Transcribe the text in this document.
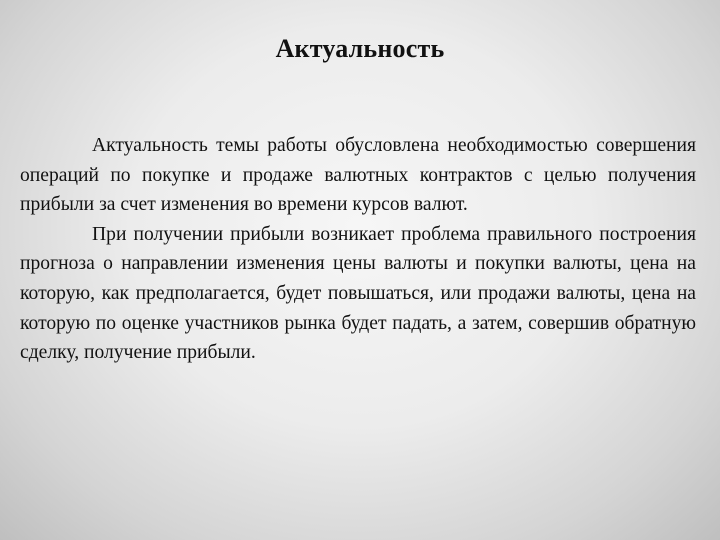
Актуальность

Актуальность темы работы обусловлена необходимостью совершения операций по покупке и продаже валютных контрактов с целью получения прибыли за счет изменения во времени курсов валют.

При получении прибыли возникает проблема правильного построения прогноза о направлении изменения цены валюты и покупки валюты, цена на которую, как предполагается, будет повышаться, или продажи валюты, цена на которую по оценке участников рынка будет падать, а затем, совершив обратную сделку, получение прибыли.
